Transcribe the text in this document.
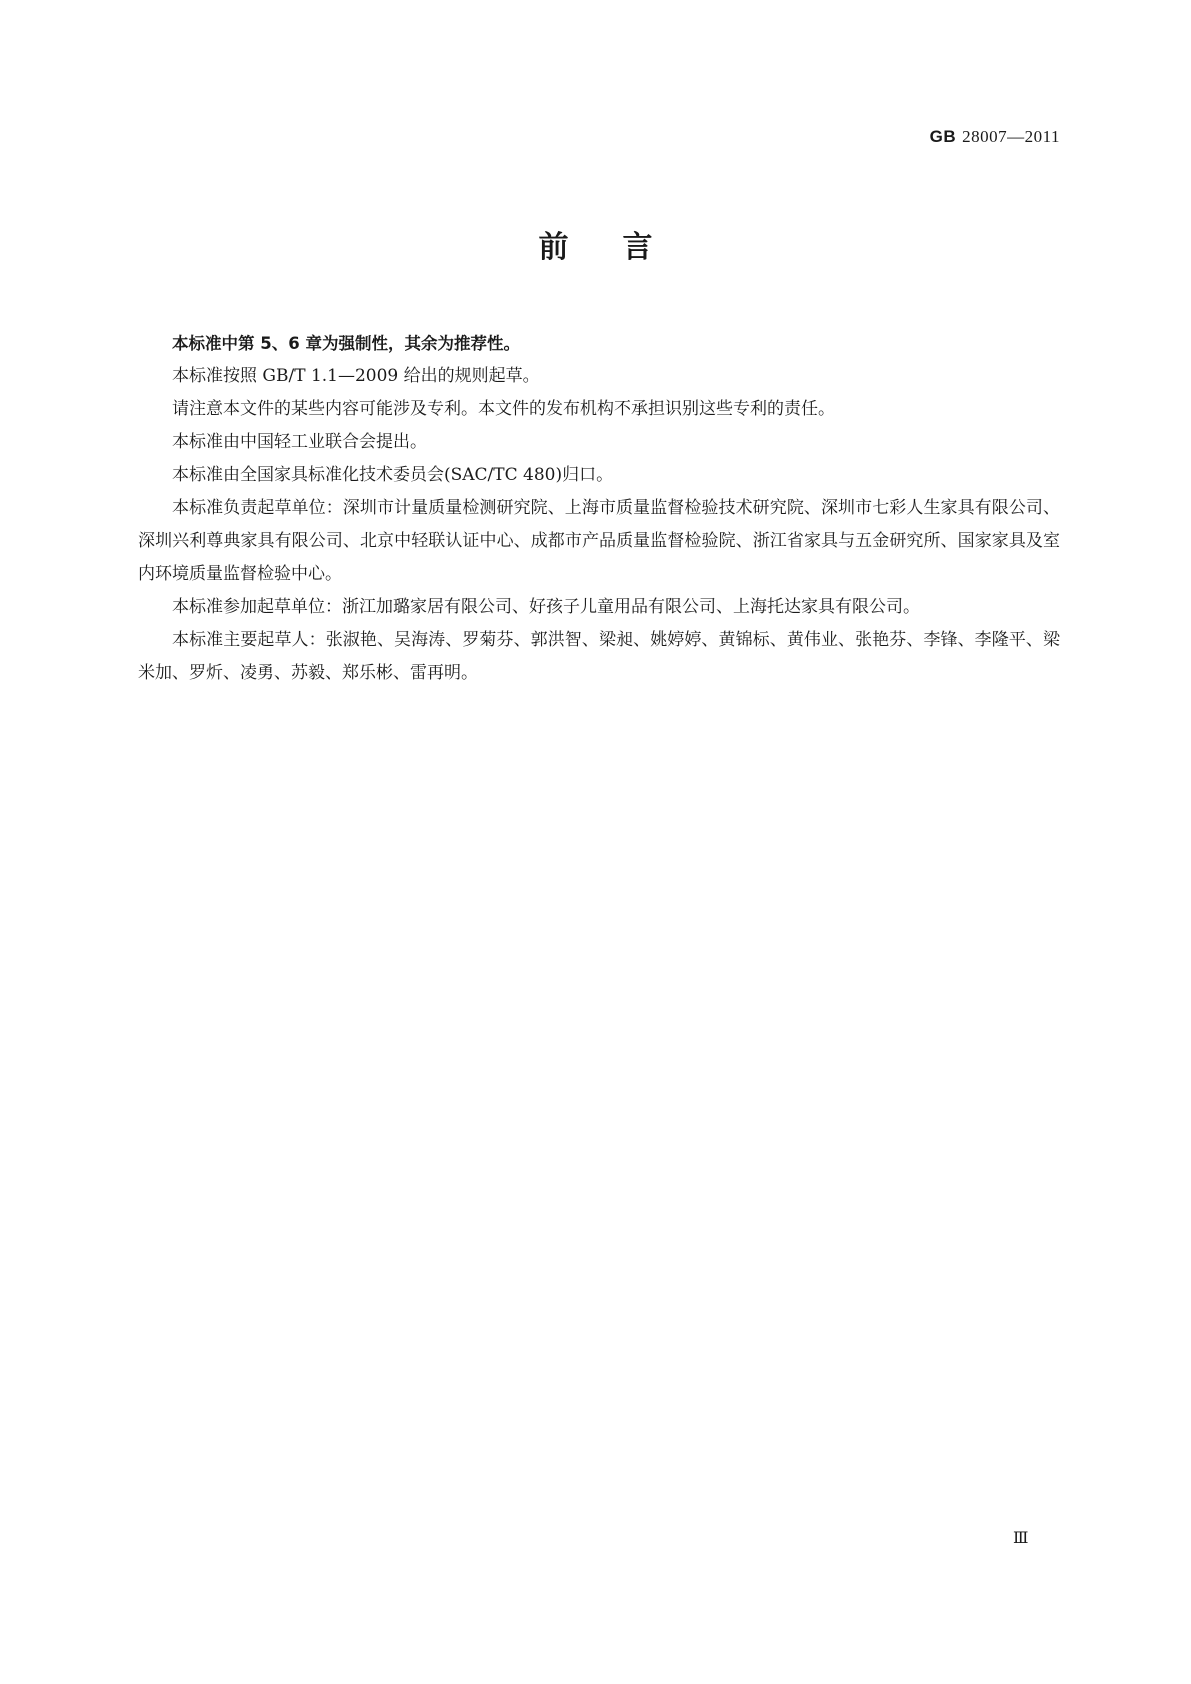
GB 28007—2011
前言

本标准中第 5、6 章为强制性，其余为推荐性。

本标准按照 GB/T 1.1—2009 给出的规则起草。

请注意本文件的某些内容可能涉及专利。本文件的发布机构不承担识别这些专利的责任。

本标准由中国轻工业联合会提出。

本标准由全国家具标准化技术委员会(SAC/TC 480)归口。

本标准负责起草单位：深圳市计量质量检测研究院、上海市质量监督检验技术研究院、深圳市七彩人生家具有限公司、深圳兴利尊典家具有限公司、北京中轻联认证中心、成都市产品质量监督检验院、浙江省家具与五金研究所、国家家具及室内环境质量监督检验中心。

本标准参加起草单位：浙江加璐家居有限公司、好孩子儿童用品有限公司、上海托达家具有限公司。

本标准主要起草人：张淑艳、吴海涛、罗菊芬、郭洪智、梁昶、姚婷婷、黄锦标、黄伟业、张艳芬、李锋、李隆平、梁米加、罗炘、凌勇、苏毅、郑乐彬、雷再明。

Ⅲ
